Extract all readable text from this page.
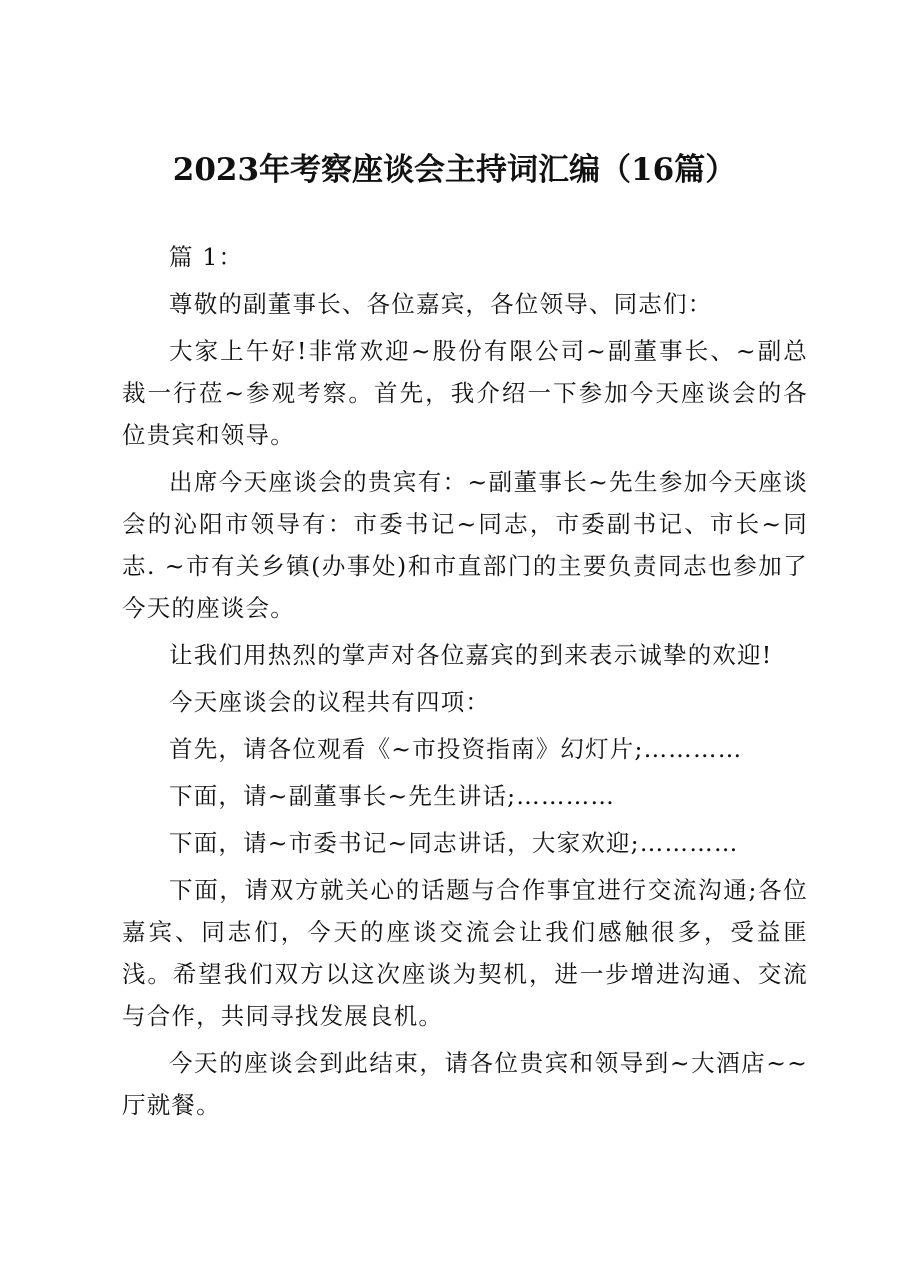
2023年考察座谈会主持词汇编（16篇）

篇 1：

尊敬的副董事长、各位嘉宾，各位领导、同志们：

大家上午好!非常欢迎~股份有限公司~副董事长、~副总裁一行莅~参观考察。首先，我介绍一下参加今天座谈会的各位贵宾和领导。

出席今天座谈会的贵宾有：~副董事长~先生参加今天座谈会的沁阳市领导有：市委书记~同志，市委副书记、市长~同志. ~市有关乡镇(办事处)和市直部门的主要负责同志也参加了今天的座谈会。

让我们用热烈的掌声对各位嘉宾的到来表示诚挚的欢迎!

今天座谈会的议程共有四项：

首先，请各位观看《~市投资指南》幻灯片;…………

下面，请~副董事长~先生讲话;…………

下面，请~市委书记~同志讲话，大家欢迎;…………

下面，请双方就关心的话题与合作事宜进行交流沟通;各位嘉宾、同志们，今天的座谈交流会让我们感触很多，受益匪浅。希望我们双方以这次座谈为契机，进一步增进沟通、交流与合作，共同寻找发展良机。

今天的座谈会到此结束，请各位贵宾和领导到~大酒店~~厅就餐。
